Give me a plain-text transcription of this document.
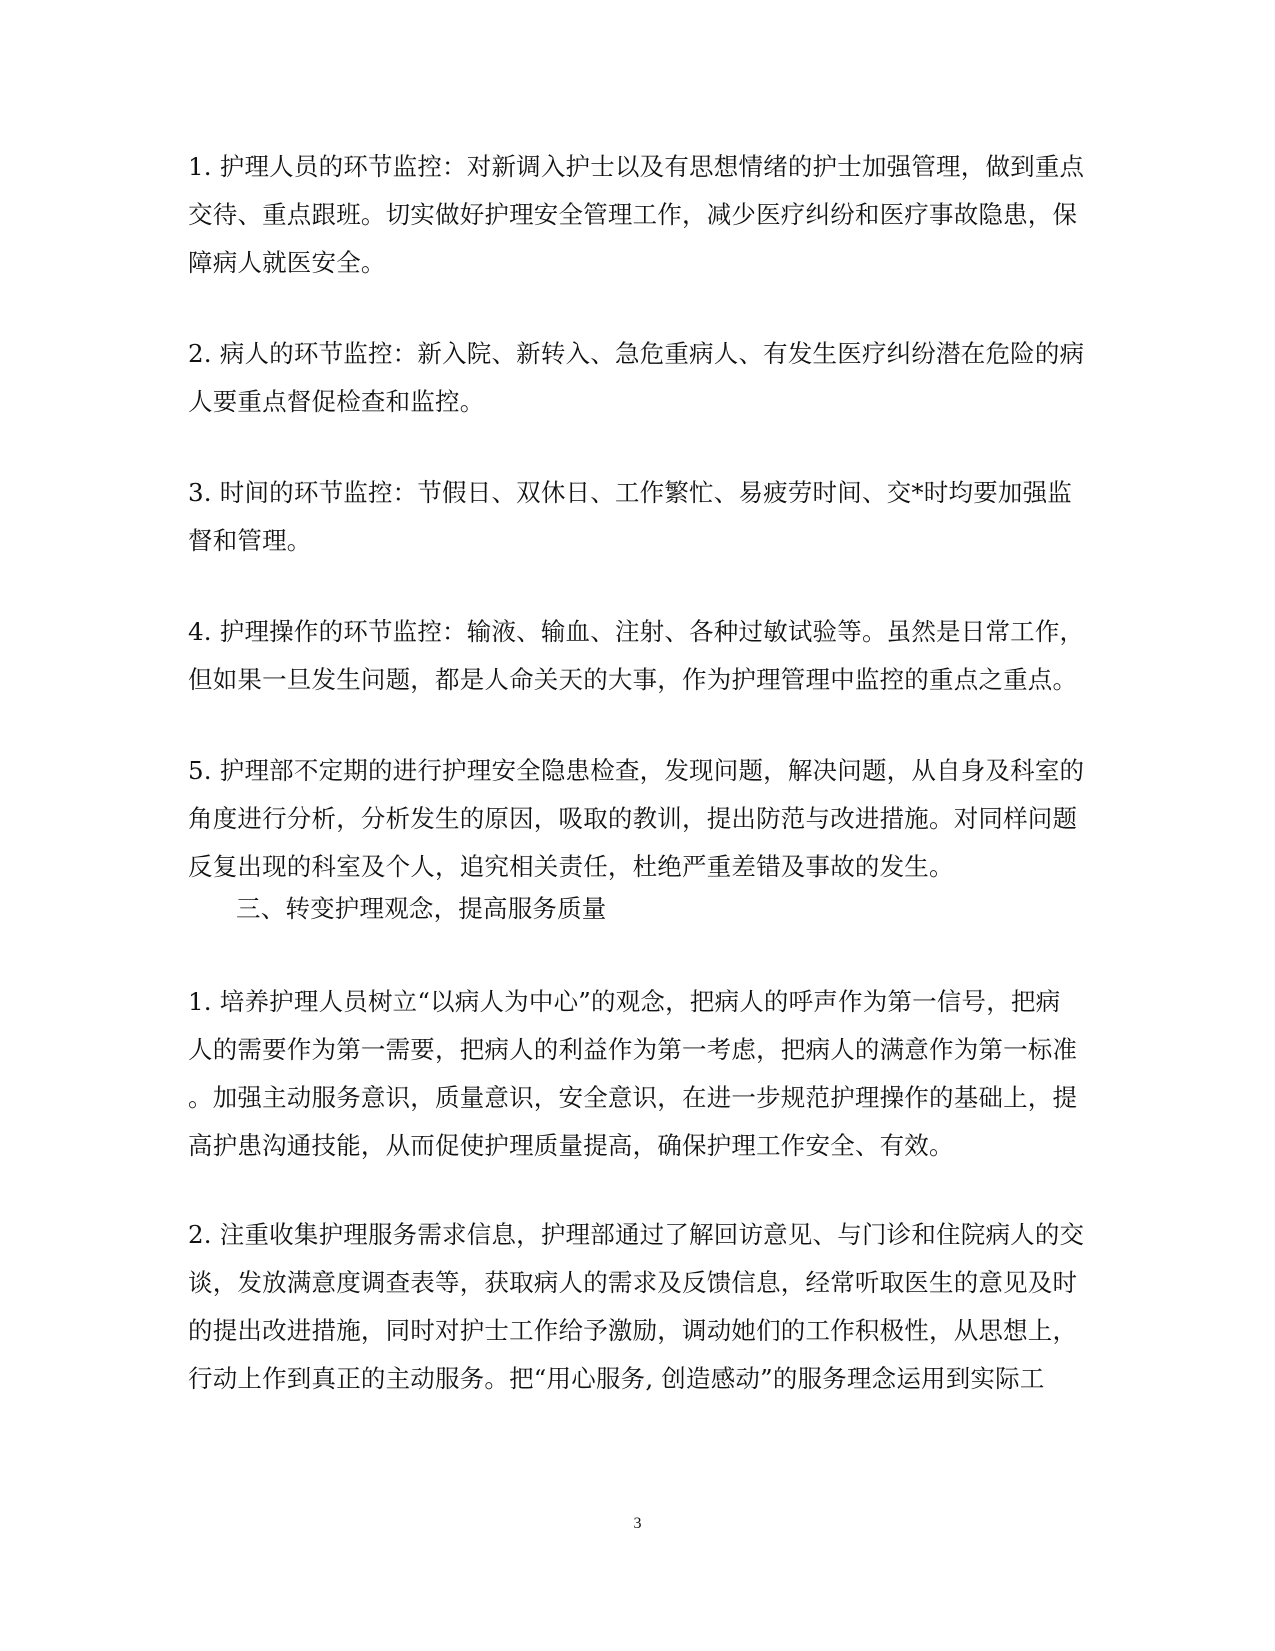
1. 护理人员的环节监控：对新调入护士以及有思想情绪的护士加强管理，做到重点
交待、重点跟班。切实做好护理安全管理工作，减少医疗纠纷和医疗事故隐患，保
障病人就医安全。
2. 病人的环节监控：新入院、新转入、急危重病人、有发生医疗纠纷潜在危险的病
人要重点督促检查和监控。
3. 时间的环节监控：节假日、双休日、工作繁忙、易疲劳时间、交*时均要加强监
督和管理。
4. 护理操作的环节监控：输液、输血、注射、各种过敏试验等。虽然是日常工作，
但如果一旦发生问题，都是人命关天的大事，作为护理管理中监控的重点之重点。
5. 护理部不定期的进行护理安全隐患检查，发现问题，解决问题，从自身及科室的
角度进行分析，分析发生的原因，吸取的教训，提出防范与改进措施。对同样问题
反复出现的科室及个人，追究相关责任，杜绝严重差错及事故的发生。
三、转变护理观念，提高服务质量
1. 培养护理人员树立“以病人为中心”的观念，把病人的呼声作为第一信号，把病
人的需要作为第一需要，把病人的利益作为第一考虑，把病人的满意作为第一标准
。加强主动服务意识，质量意识，安全意识，在进一步规范护理操作的基础上，提
高护患沟通技能，从而促使护理质量提高，确保护理工作安全、有效。
2. 注重收集护理服务需求信息，护理部通过了解回访意见、与门诊和住院病人的交
谈，发放满意度调查表等，获取病人的需求及反馈信息，经常听取医生的意见及时
的提出改进措施，同时对护士工作给予激励，调动她们的工作积极性，从思想上，
行动上作到真正的主动服务。把“用心服务, 创造感动”的服务理念运用到实际工
3
